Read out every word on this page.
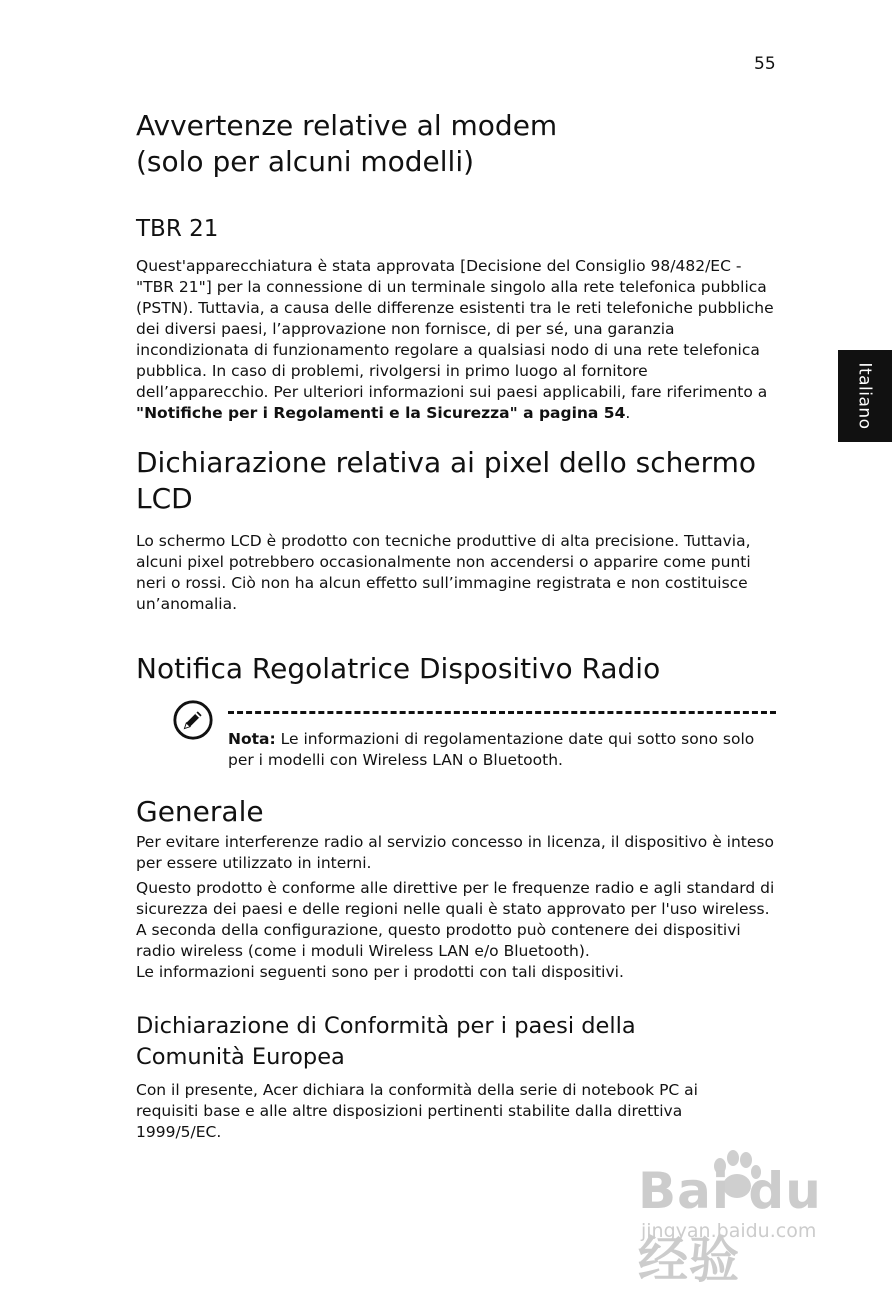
55
Italiano
Avvertenze relative al modem (solo per alcuni modelli)
TBR 21

Quest'apparecchiatura è stata approvata [Decisione del Consiglio 98/482/EC - "TBR 21"] per la connessione di un terminale singolo alla rete telefonica pubblica (PSTN). Tuttavia, a causa delle differenze esistenti tra le reti telefoniche pubbliche dei diversi paesi, l’approvazione non fornisce, di per sé, una garanzia incondizionata di funzionamento regolare a qualsiasi nodo di una rete telefonica pubblica. In caso di problemi, rivolgersi in primo luogo al fornitore dell’apparecchio. Per ulteriori informazioni sui paesi applicabili, fare riferimento a "Notifiche per i Regolamenti e la Sicurezza" a pagina 54.

Dichiarazione relativa ai pixel dello schermo LCD

Lo schermo LCD è prodotto con tecniche produttive di alta precisione. Tuttavia, alcuni pixel potrebbero occasionalmente non accendersi o apparire come punti neri o rossi. Ciò non ha alcun effetto sull’immagine registrata e non costituisce un’anomalia.

Notifica Regolatrice Dispositivo Radio

Nota: Le informazioni di regolamentazione date qui sotto sono solo per i modelli con Wireless LAN o Bluetooth.

Generale

Per evitare interferenze radio al servizio concesso in licenza, il dispositivo è inteso per essere utilizzato in interni.

Questo prodotto è conforme alle direttive per le frequenze radio e agli standard di sicurezza dei paesi e delle regioni nelle quali è stato approvato per l'uso wireless. A seconda della configurazione, questo prodotto può contenere dei dispositivi radio wireless (come i moduli Wireless LAN e/o Bluetooth).

Le informazioni seguenti sono per i prodotti con tali dispositivi.

Dichiarazione di Conformità per i paesi della Comunità Europea

Con il presente, Acer dichiara la conformità della serie di notebook PC ai requisiti base e alle altre disposizioni pertinenti stabilite dalla direttiva 1999/5/EC.

Bai du 经验
jingyan.baidu.com
